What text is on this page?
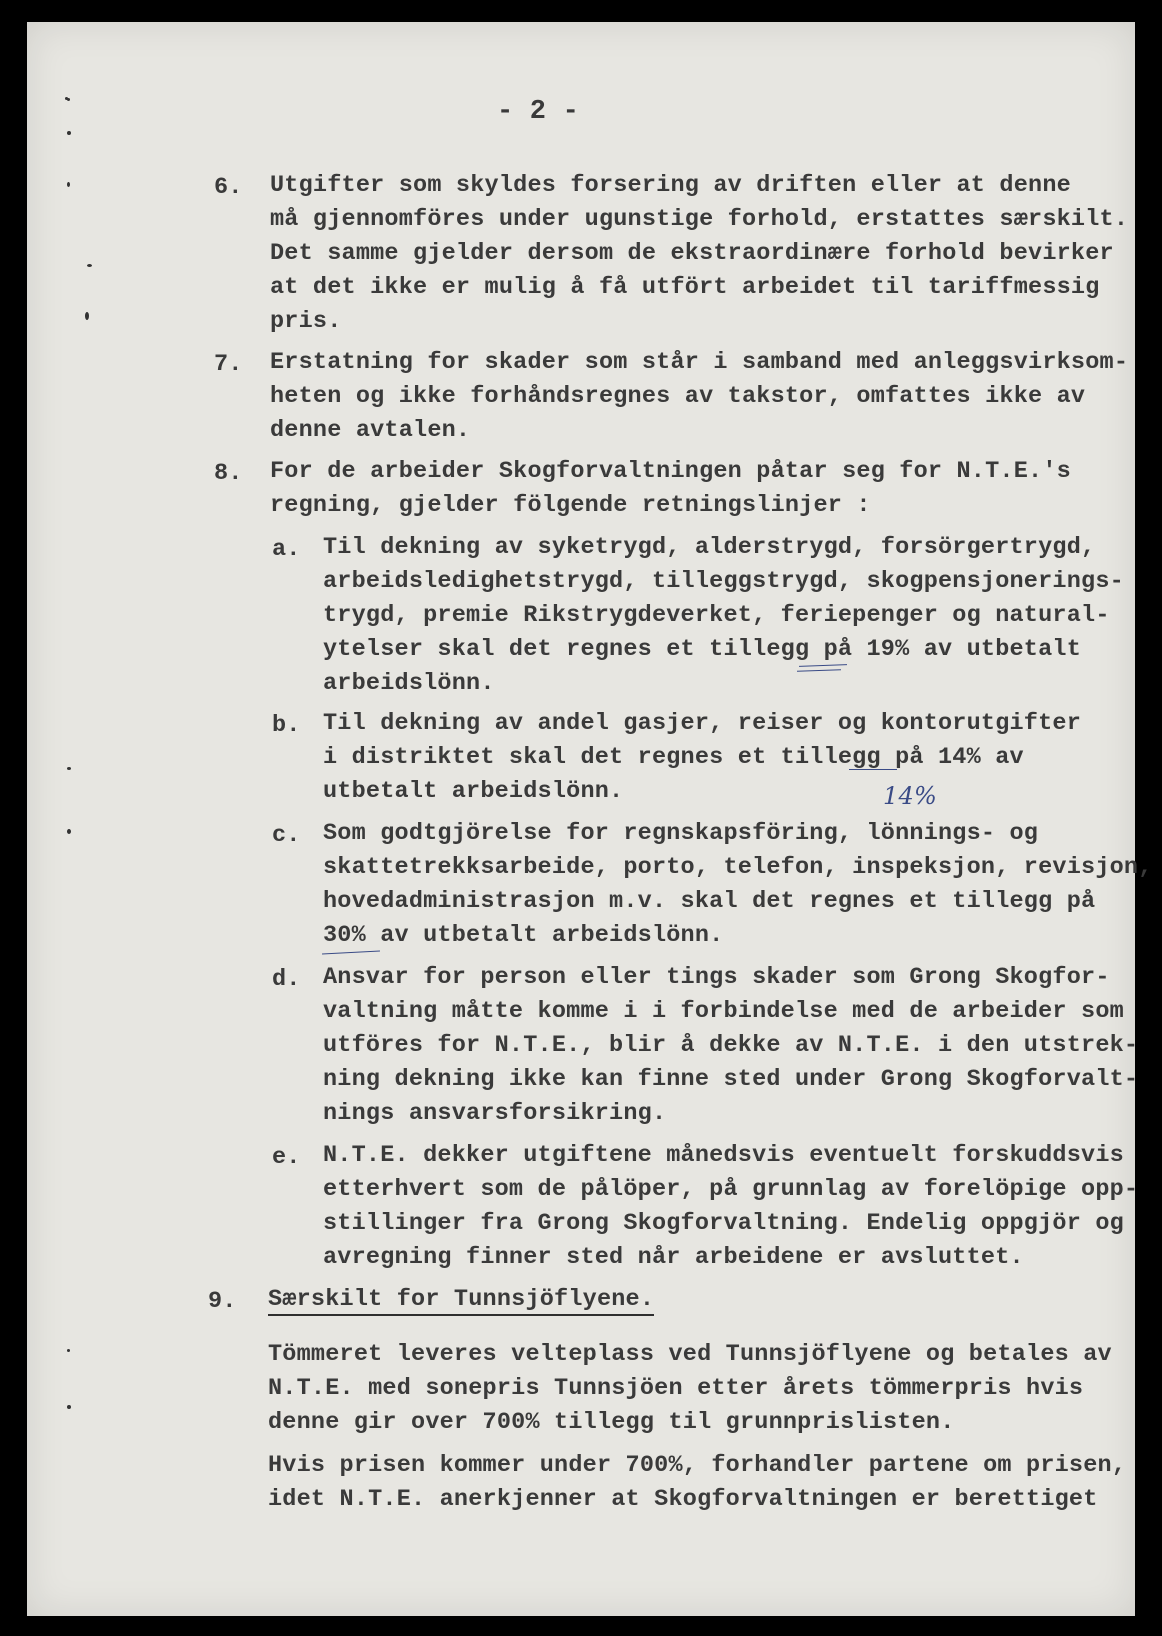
- 2 -
6. Utgifter som skyldes forsering av driften eller at denne
må gjennomföres under ugunstige forhold, erstattes særskilt.
Det samme gjelder dersom de ekstraordinære forhold bevirker
at det ikke er mulig å få utfört arbeidet til tariffmessig
pris.
7. Erstatning for skader som står i samband med anleggsvirksom-
heten og ikke forhåndsregnes av takstor, omfattes ikke av
denne avtalen.
8. For de arbeider Skogforvaltningen påtar seg for N.T.E.'s
regning, gjelder fölgende retningslinjer :
a. Til dekning av syketrygd, alderstrygd, forsörgertrygd,
arbeidsledighetstrygd, tilleggstrygd, skogpensjonerings-
trygd, premie Rikstrygdeverket, feriepenger og natural-
ytelser skal det regnes et tillegg på 19% av utbetalt
arbeidslönn.
b. Til dekning av andel gasjer, reiser og kontorutgifter
i distriktet skal det regnes et tillegg på 14% av
utbetalt arbeidslönn.	14%
c. Som godtgjörelse for regnskapsföring, lönnings- og
skattetrekksarbeide, porto, telefon, inspeksjon, revisjon,
hovedadministrasjon m.v. skal det regnes et tillegg på
30% av utbetalt arbeidslönn.
d. Ansvar for person eller tings skader som Grong Skogfor-
valtning måtte komme i i forbindelse med de arbeider som
utföres for N.T.E., blir å dekke av N.T.E. i den utstrek-
ning dekning ikke kan finne sted under Grong Skogforvalt-
nings ansvarsforsikring.
e. N.T.E. dekker utgiftene månedsvis eventuelt forskuddsvis
etterhvert som de pålöper, på grunnlag av forelöpige opp-
stillinger fra Grong Skogforvaltning. Endelig oppgjör og
avregning finner sted når arbeidene er avsluttet.
9. Særskilt for Tunnsjöflyene.
Tömmeret leveres velteplass ved Tunnsjöflyene og betales av
N.T.E. med sonepris Tunnsjöen etter årets tömmerpris hvis
denne gir over 700% tillegg til grunnprislisten.
Hvis prisen kommer under 700%, forhandler partene om prisen,
idet N.T.E. anerkjenner at Skogforvaltningen er berettiget
